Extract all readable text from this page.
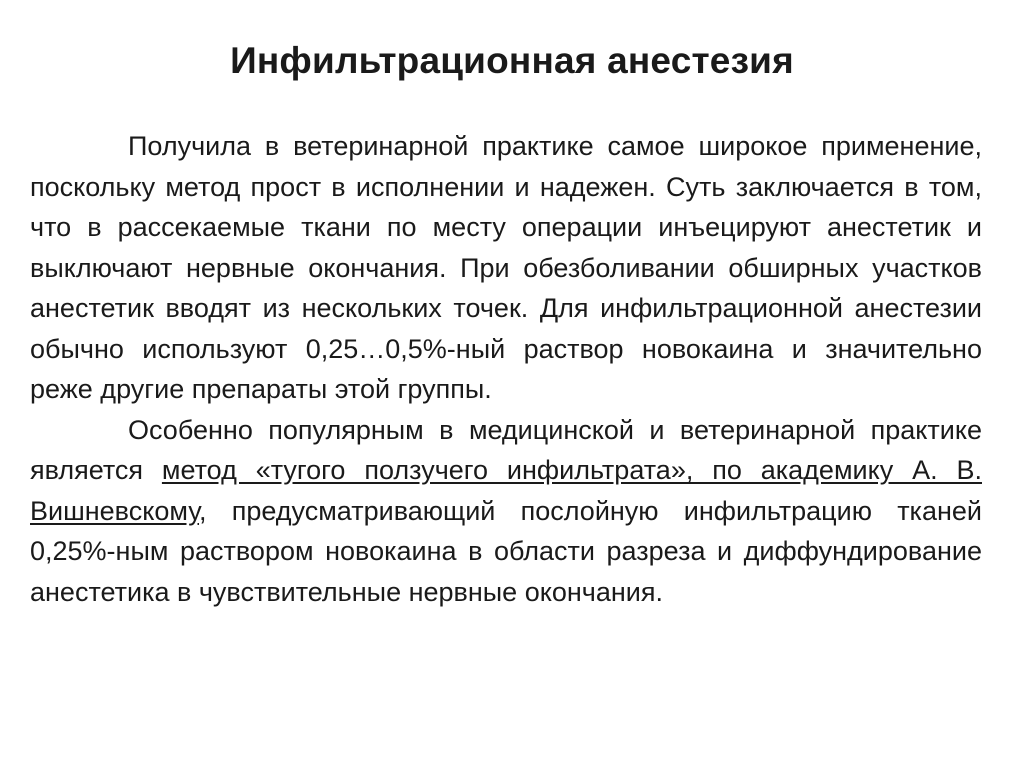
Инфильтрационная анестезия

Получила в ветеринарной практике самое широкое применение, поскольку метод прост в исполнении и надежен. Суть заключается в том, что в рассекаемые ткани по месту операции инъецируют анестетик и выключают нервные окончания. При обезболивании обширных участков анестетик вводят из нескольких точек. Для инфильтрационной анестезии обычно используют 0,25…0,5%-ный раствор новокаина и значительно реже другие препараты этой группы.

Особенно популярным в медицинской и ветеринарной практике является метод «тугого ползучего инфильтрата», по академику А. В. Вишневскому, предусматривающий послойную инфильтрацию тканей 0,25%-ным раствором новокаина в области разреза и диффундирование анестетика в чувствительные нервные окончания.
